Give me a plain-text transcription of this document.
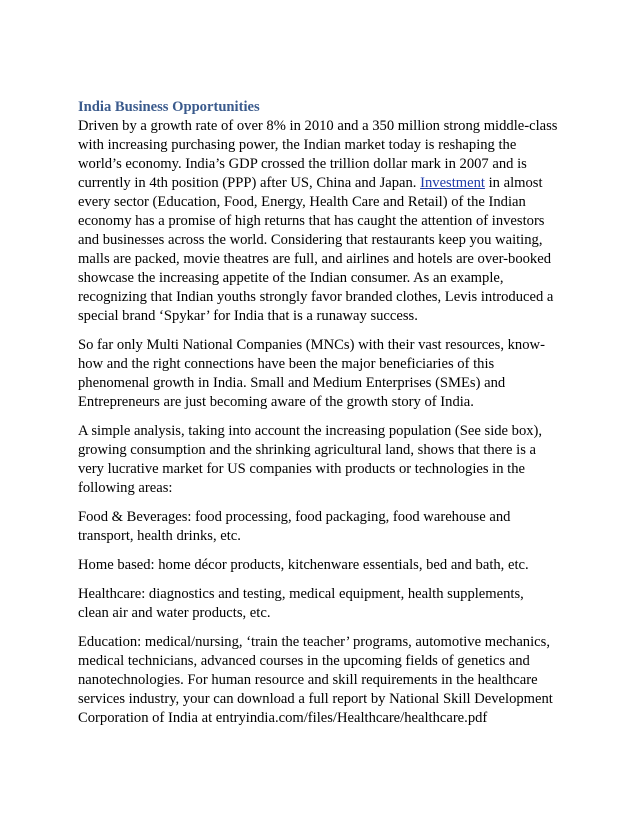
India Business Opportunities

Driven by a growth rate of over 8% in 2010 and a 350 million strong middle-class with increasing purchasing power, the Indian market today is reshaping the world’s economy. India’s GDP crossed the trillion dollar mark in 2007 and is currently in 4th position (PPP) after US, China and Japan. Investment in almost every sector (Education, Food, Energy, Health Care and Retail) of the Indian economy has a promise of high returns that has caught the attention of investors and businesses across the world. Considering that restaurants keep you waiting, malls are packed, movie theatres are full, and airlines and hotels are over-booked showcase the increasing appetite of the Indian consumer. As an example, recognizing that Indian youths strongly favor branded clothes, Levis introduced a special brand ‘Spykar’ for India that is a runaway success.

So far only Multi National Companies (MNCs) with their vast resources, know-how and the right connections have been the major beneficiaries of this phenomenal growth in India. Small and Medium Enterprises (SMEs) and Entrepreneurs are just becoming aware of the growth story of India.

A simple analysis, taking into account the increasing population (See side box), growing consumption and the shrinking agricultural land, shows that there is a very lucrative market for US companies with products or technologies in the following areas:

Food & Beverages: food processing, food packaging, food warehouse and transport, health drinks, etc.

Home based: home décor products, kitchenware essentials, bed and bath, etc.

Healthcare: diagnostics and testing, medical equipment, health supplements, clean air and water products, etc.

Education: medical/nursing, ‘train the teacher’ programs, automotive mechanics, medical technicians, advanced courses in the upcoming fields of genetics and nanotechnologies. For human resource and skill requirements in the healthcare services industry, your can download a full report by National Skill Development Corporation of India at entryindia.com/files/Healthcare/healthcare.pdf
